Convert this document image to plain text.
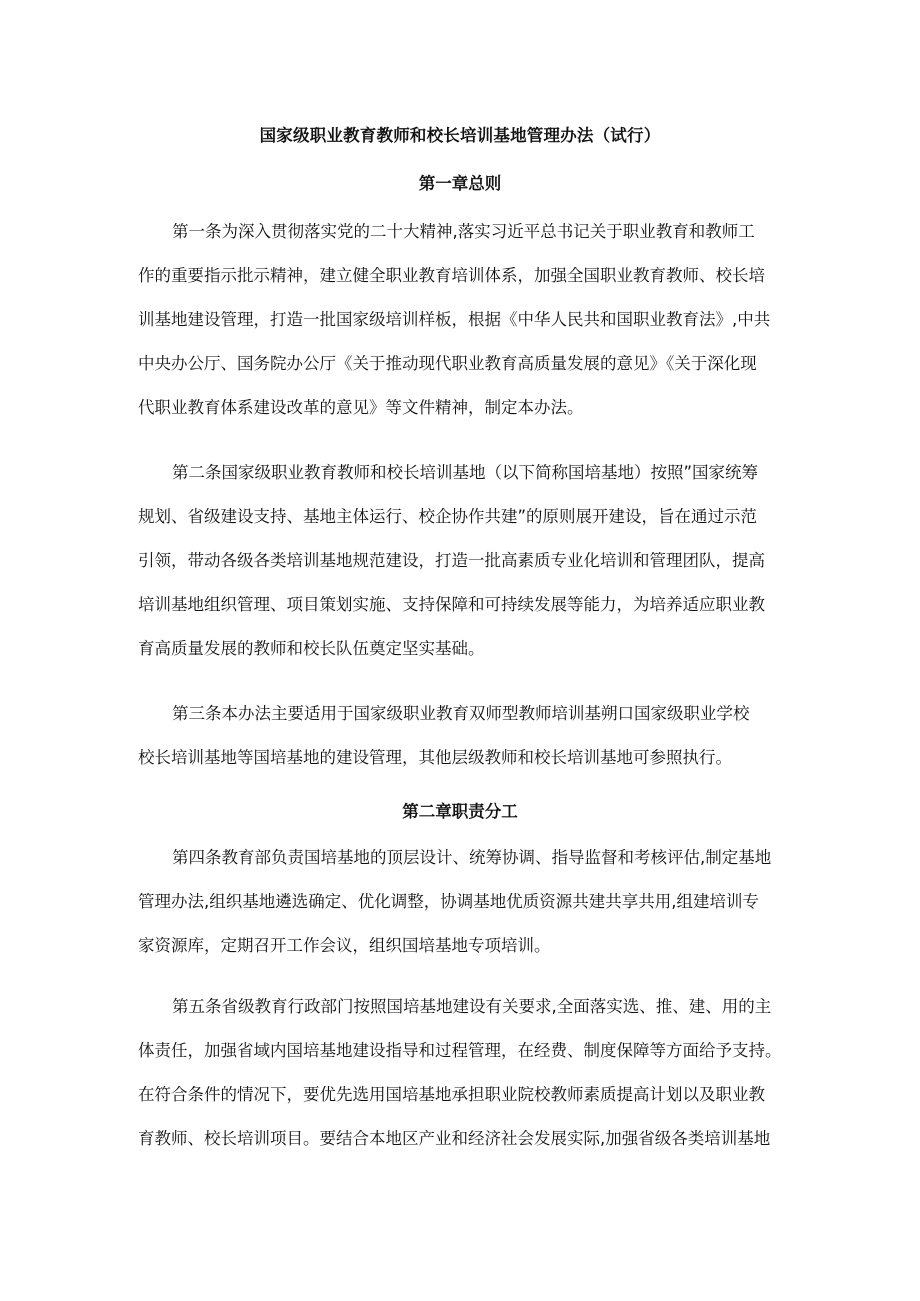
国家级职业教育教师和校长培训基地管理办法（试行）
第一章总则
第一条为深入贯彻落实党的二十大精神,落实习近平总书记关于职业教育和教师工
作的重要指示批示精神，建立健全职业教育培训体系，加强全国职业教育教师、校长培
训基地建设管理，打造一批国家级培训样板，根据《中华人民共和国职业教育法》,中共
中央办公厅、国务院办公厅《关于推动现代职业教育高质量发展的意见》《关于深化现
代职业教育体系建设改革的意见》等文件精神，制定本办法。
第二条国家级职业教育教师和校长培训基地（以下简称国培基地）按照”国家统筹
规划、省级建设支持、基地主体运行、校企协作共建”的原则展开建设，旨在通过示范
引领，带动各级各类培训基地规范建设，打造一批高素质专业化培训和管理团队，提高
培训基地组织管理、项目策划实施、支持保障和可持续发展等能力，为培养适应职业教
育高质量发展的教师和校长队伍奠定坚实基础。
第三条本办法主要适用于国家级职业教育双师型教师培训基朔口国家级职业学校
校长培训基地等国培基地的建设管理，其他层级教师和校长培训基地可参照执行。
第二章职责分工
第四条教育部负责国培基地的顶层设计、统筹协调、指导监督和考核评估,制定基地
管理办法,组织基地遴选确定、优化调整，协调基地优质资源共建共享共用,组建培训专
家资源库，定期召开工作会议，组织国培基地专项培训。
第五条省级教育行政部门按照国培基地建设有关要求,全面落实选、推、建、用的主
体责任，加强省域内国培基地建设指导和过程管理，在经费、制度保障等方面给予支持。
在符合条件的情况下，要优先选用国培基地承担职业院校教师素质提高计划以及职业教
育教师、校长培训项目。要结合本地区产业和经济社会发展实际,加强省级各类培训基地
